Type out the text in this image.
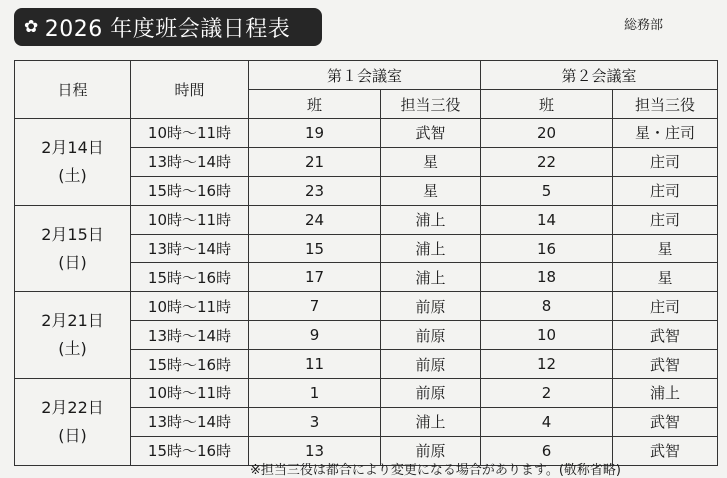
✿ 2026 年度班会議日程表	総務部
日程	時間	第１会議室		第２会議室	
		班	担当三役	班	担当三役

2月14日
(土)	10時～11時	19	武智	20	星・庄司
	13時～14時	21	星	22	庄司
	15時～16時	23	星	5	庄司

2月15日
(日)	10時～11時	24	浦上	14	庄司
	13時～14時	15	浦上	16	星
	15時～16時	17	浦上	18	星

2月21日
(土)	10時～11時	7	前原	8	庄司
	13時～14時	9	前原	10	武智
	15時～16時	11	前原	12	武智

2月22日
(日)	10時～11時	1	前原	2	浦上
	13時～14時	3	浦上	4	武智
	15時～16時	13	前原	6	武智
※担当三役は都合により変更になる場合があります。(敬称省略)
